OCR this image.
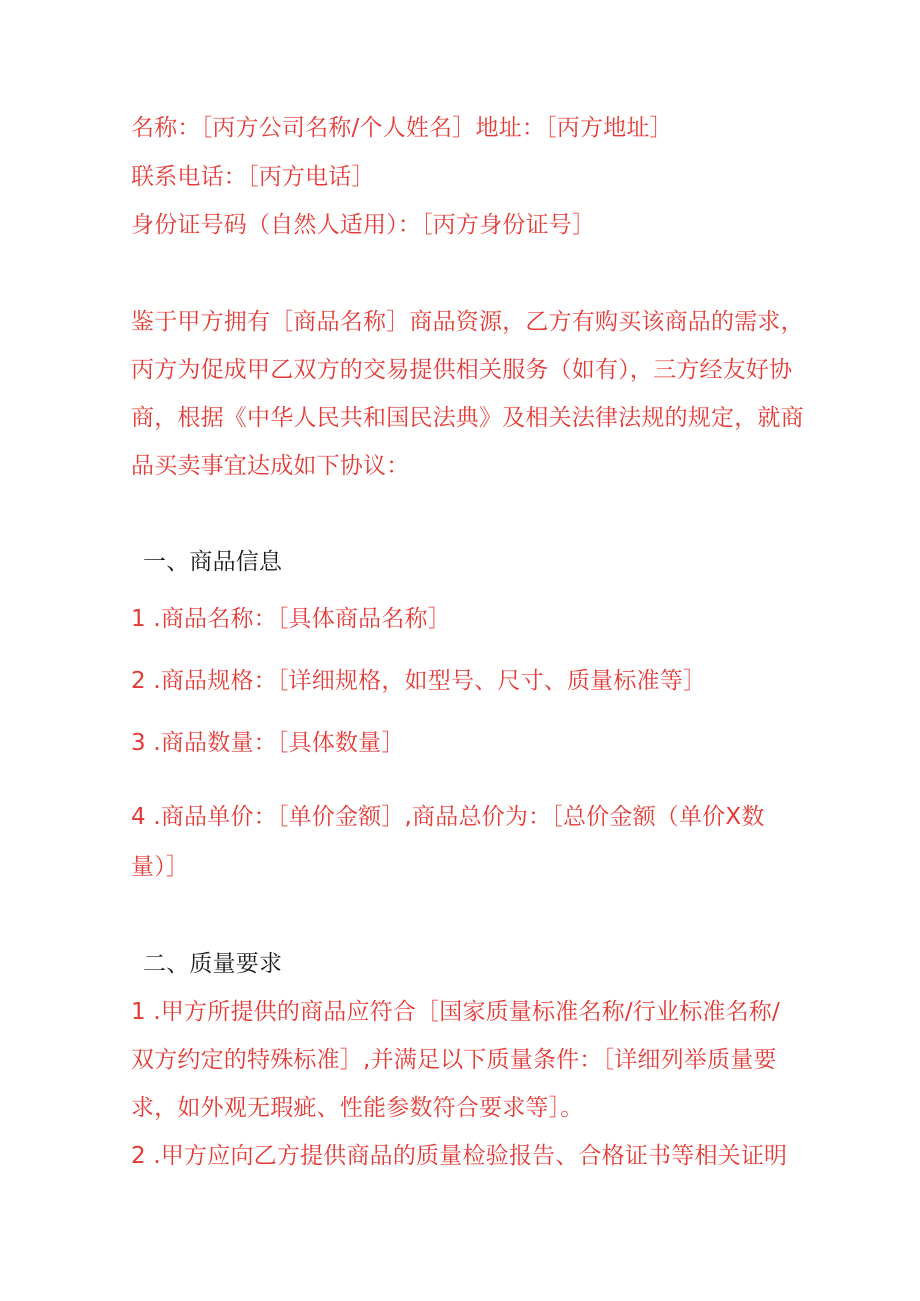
名称：［丙方公司名称/个人姓名］地址：［丙方地址］

联系电话：［丙方电话］

身份证号码（自然人适用）：［丙方身份证号］

鉴于甲方拥有［商品名称］商品资源，乙方有购买该商品的需求，

丙方为促成甲乙双方的交易提供相关服务（如有），三方经友好协

商，根据《中华人民共和国民法典》及相关法律法规的规定，就商

品买卖事宜达成如下协议：

一、商品信息

1 .商品名称：［具体商品名称］

2 .商品规格：［详细规格，如型号、尺寸、质量标准等］

3 .商品数量：［具体数量］

4 .商品单价：［单价金额］,商品总价为：［总价金额（单价X数

量）］

二、质量要求

1 .甲方所提供的商品应符合［国家质量标准名称/行业标准名称/

双方约定的特殊标准］,并满足以下质量条件：［详细列举质量要

求，如外观无瑕疵、性能参数符合要求等］。

2 .甲方应向乙方提供商品的质量检验报告、合格证书等相关证明
